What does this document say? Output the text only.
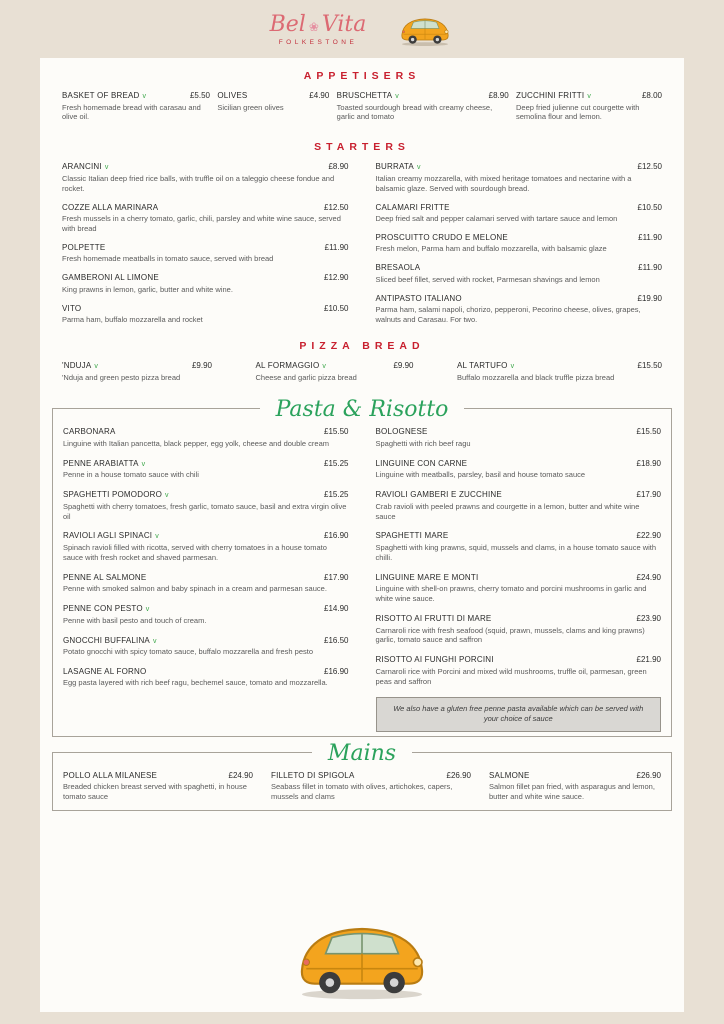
Bel ❀ Vita
FOLKESTONE
APPETISERS
BASKET OF BREAD v	£5.50
Fresh homemade bread with carasau and olive oil.
OLIVES	£4.90
Sicilian green olives
BRUSCHETTA v	£8.90
Toasted sourdough bread with creamy cheese, garlic and tomato
ZUCCHINI FRITTI v	£8.00
Deep fried julienne cut courgette with semolina flour and lemon.
STARTERS
ARANCINI v	£8.90
Classic Italian deep fried rice balls, with truffle oil on a taleggio cheese fondue and rocket.
COZZE ALLA MARINARA	£12.50
Fresh mussels in a cherry tomato, garlic, chili, parsley and white wine sauce, served with bread
POLPETTE	£11.90
Fresh homemade meatballs in tomato sauce, served with bread
GAMBERONI AL LIMONE	£12.90
King prawns in lemon, garlic, butter and white wine.
VITO	£10.50
Parma ham, buffalo mozzarella and rocket
BURRATA v	£12.50
Italian creamy mozzarella, with mixed heritage tomatoes and nectarine with a balsamic glaze. Served with sourdough bread.
CALAMARI FRITTE	£10.50
Deep fried salt and pepper calamari served with tartare sauce and lemon
PROSCUITTO CRUDO E MELONE	£11.90
Fresh melon, Parma ham and buffalo mozzarella, with balsamic glaze
BRESAOLA	£11.90
Sliced beef fillet, served with rocket, Parmesan shavings and lemon
ANTIPASTO ITALIANO	£19.90
Parma ham, salami napoli, chorizo, pepperoni, Pecorino cheese, olives, grapes, walnuts and Carasau. For two.
PIZZA BREAD
'NDUJA v	£9.90
'Nduja and green pesto pizza bread
AL FORMAGGIO v	£9.90
Cheese and garlic pizza bread
AL TARTUFO v	£15.50
Buffalo mozzarella and black truffle pizza bread
Pasta & Risotto
CARBONARA	£15.50
Linguine with Italian pancetta, black pepper, egg yolk, cheese and double cream
PENNE ARABIATTA v	£15.25
Penne in a house tomato sauce with chili
SPAGHETTI POMODORO v	£15.25
Spaghetti with cherry tomatoes, fresh garlic, tomato sauce, basil and extra virgin olive oil
RAVIOLI AGLI SPINACI v	£16.90
Spinach ravioli filled with ricotta, served with cherry tomatoes in a house tomato sauce with fresh rocket and shaved parmesan.
PENNE AL SALMONE	£17.90
Penne with smoked salmon and baby spinach in a cream and parmesan sauce.
PENNE CON PESTO v	£14.90
Penne with basil pesto and touch of cream.
GNOCCHI BUFFALINA v	£16.50
Potato gnocchi with spicy tomato sauce, buffalo mozzarella and fresh pesto
LASAGNE AL FORNO	£16.90
Egg pasta layered with rich beef ragu, bechemel sauce, tomato and mozzarella.
BOLOGNESE	£15.50
Spaghetti with rich beef ragu
LINGUINE CON CARNE	£18.90
Linguine with meatballs, parsley, basil and house tomato sauce
RAVIOLI GAMBERI E ZUCCHINE	£17.90
Crab ravioli with peeled prawns and courgette in a lemon, butter and white wine sauce
SPAGHETTI MARE	£22.90
Spaghetti with king prawns, squid, mussels and clams, in a house tomato sauce with chilli.
LINGUINE MARE E MONTI	£24.90
Linguine with shell-on prawns, cherry tomato and porcini mushrooms in garlic and white wine sauce.
RISOTTO AI FRUTTI DI MARE	£23.90
Carnaroli rice with fresh seafood (squid, prawn, mussels, clams and king prawns) garlic, tomato sauce and saffron
RISOTTO AI FUNGHI PORCINI	£21.90
Carnaroli rice with Porcini and mixed wild mushrooms, truffle oil, parmesan, green peas and saffron
We also have a gluten free penne pasta available which can be served with your choice of sauce
Mains
POLLO ALLA MILANESE	£24.90
Breaded chicken breast served with spaghetti, in house tomato sauce
FILLETO DI SPIGOLA	£26.90
Seabass fillet in tomato with olives, artichokes, capers, mussels and clams
SALMONE	£26.90
Salmon fillet pan fried, with asparagus and lemon, butter and white wine sauce.
